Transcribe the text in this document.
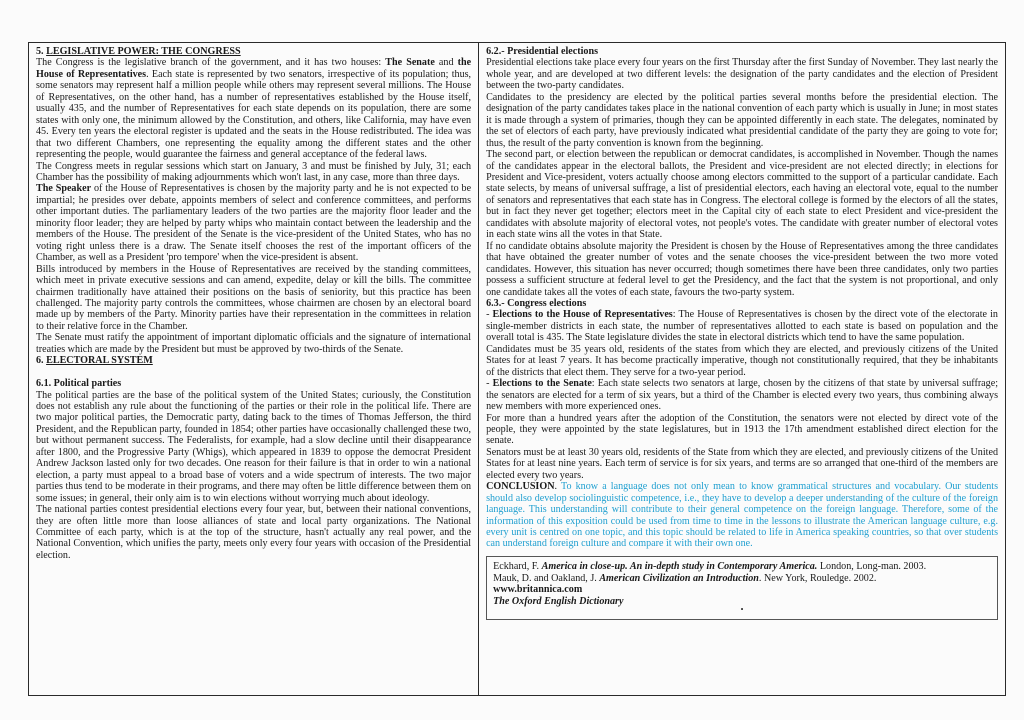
5. LEGISLATIVE POWER: THE CONGRESS

The Congress is the legislative branch of the government, and it has two houses: The Senate and the House of Representatives. Each state is represented by two senators, irrespective of its population; thus, some senators may represent half a million people while others may represent several millions. The House of Representatives, on the other hand, has a number of representatives established by the House itself, usually 435, and the number of Representatives for each state depends on its population, there are some states with only one, the minimum allowed by the Constitution, and others, like California, may have even 45. Every ten years the electoral register is updated and the seats in the House redistributed. The idea was that two different Chambers, one representing the equality among the different states and the other representing the people, would guarantee the fairness and general acceptance of the federal laws.

The Congress meets in regular sessions which start on January, 3 and must be finished by July, 31; each Chamber has the possibility of making adjournments which won't last, in any case, more than three days.

The Speaker of the House of Representatives is chosen by the majority party and he is not expected to be impartial; he presides over debate, appoints members of select and conference committees, and performs other important duties. The parliamentary leaders of the two parties are the majority floor leader and the minority floor leader; they are helped by party whips who maintain contact between the leadership and the members of the House. The president of the Senate is the vice-president of the United States, who has no voting right unless there is a draw. The Senate itself chooses the rest of the important officers of the Chamber, as well as a President 'pro tempore' when the vice-president is absent.

Bills introduced by members in the House of Representatives are received by the standing committees, which meet in private executive sessions and can amend, expedite, delay or kill the bills. The committee chairmen traditionally have attained their positions on the basis of seniority, but this practice has been challenged. The majority party controls the committees, whose chairmen are chosen by an electoral board made up by members of the Party. Minority parties have their representation in the committees in relation to their relative force in the Chamber.

The Senate must ratify the appointment of important diplomatic officials and the signature of international treaties which are made by the President but must be approved by two-thirds of the Senate.

6. ELECTORAL SYSTEM

6.1. Political parties

The political parties are the base of the political system of the United States; curiously, the Constitution does not establish any rule about the functioning of the parties or their role in the political life. There are two major political parties, the Democratic party, dating back to the times of Thomas Jefferson, the third President, and the Republican party, founded in 1854; other parties have occasionally challenged these two, but without permanent success. The Federalists, for example, had a slow decline until their disappearance after 1800, and the Progressive Party (Whigs), which appeared in 1839 to oppose the democrat President Andrew Jackson lasted only for two decades. One reason for their failure is that in order to win a national election, a party must appeal to a broad base of voters and a wide spectrum of interests. The two major parties thus tend to be moderate in their programs, and there may often be little difference between them on some issues; in general, their only aim is to win elections without worrying much about ideology.

The national parties contest presidential elections every four year, but, between their national conventions, they are often little more than loose alliances of state and local party organizations. The National Committee of each party, which is at the top of the structure, hasn't actually any real power, and the National Convention, which unifies the party, meets only every four years with occasion of the Presidential election.

6.2.- Presidential elections

Presidential elections take place every four years on the first Thursday after the first Sunday of November. They last nearly the whole year, and are developed at two different levels: the designation of the party candidates and the election of President between the two-party candidates.

Candidates to the presidency are elected by the political parties several months before the presidential election. The designation of the party candidates takes place in the national convention of each party which is usually in June; in most states it is made through a system of primaries, though they can be appointed differently in each state. The delegates, nominated by the set of electors of each party, have previously indicated what presidential candidate of the party they are going to vote for; thus, the result of the party convention is known from the beginning.

The second part, or election between the republican or democrat candidates, is accomplished in November. Though the names of the candidates appear in the electoral ballots, the President and vice-president are not elected directly; in elections for President and Vice-president, voters actually choose among electors committed to the support of a particular candidate. Each state selects, by means of universal suffrage, a list of presidential electors, each having an electoral vote, equal to the number of senators and representatives that each state has in Congress. The electoral college is formed by the electors of all the states, but in fact they never get together; electors meet in the Capital city of each state to elect President and vice-president the candidates with absolute majority of electoral votes, not people's votes. The candidate with greater number of electoral votes in each state wins all the votes in that State.

If no candidate obtains absolute majority the President is chosen by the House of Representatives among the three candidates that have obtained the greater number of votes and the senate chooses the vice-president between the two more voted candidates. However, this situation has never occurred; though sometimes there have been three candidates, only two parties possess a sufficient structure at federal level to get the Presidency, and the fact that the system is not proportional, and only one candidate takes all the votes of each state, favours the two-party system.

6.3.- Congress elections

- Elections to the House of Representatives: The House of Representatives is chosen by the direct vote of the electorate in single-member districts in each state, the number of representatives allotted to each state is based on population and the overall total is 435. The State legislature divides the state in electoral districts which tend to have the same population.

Candidates must be 35 years old, residents of the states from which they are elected, and previously citizens of the United States for at least 7 years. It has become practically imperative, though not constitutionally required, that they be inhabitants of the districts that elect them. They serve for a two-year period.

- Elections to the Senate: Each state selects two senators at large, chosen by the citizens of that state by universal suffrage; the senators are elected for a term of six years, but a third of the Chamber is elected every two years, thus combining always new members with more experienced ones.

For more than a hundred years after the adoption of the Constitution, the senators were not elected by direct vote of the people, they were appointed by the state legislatures, but in 1913 the 17th amendment established direct election for the senate.

Senators must be at least 30 years old, residents of the State from which they are elected, and previously citizens of the United States for at least nine years. Each term of service is for six years, and terms are so arranged that one-third of the members are elected every two years.

CONCLUSION. To know a language does not only mean to know grammatical structures and vocabulary. Our students should also develop sociolinguistic competence, i.e., they have to develop a deeper understanding of the culture of the foreign language. This understanding will contribute to their general competence on the foreign language. Therefore, some of the information of this exposition could be used from time to time in the lessons to illustrate the American language culture, e.g. every unit is centred on one topic, and this topic should be related to life in America speaking countries, so that over students can understand foreign culture and compare it with their own one.

Eckhard, F. America in close-up. An in-depth study in Contemporary America. London, Long-man. 2003.

Mauk, D. and Oakland, J. American Civilization an Introduction. New York, Rouledge. 2002.

www.britannica.com

The Oxford English Dictionary

•
